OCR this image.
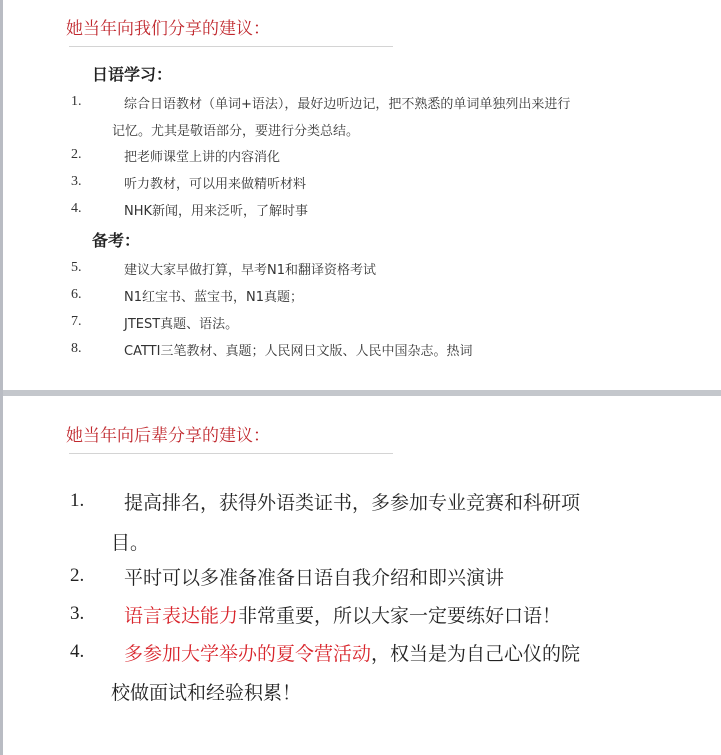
她当年向我们分享的建议：
日语学习：
1.	综合日语教材（单词+语法），最好边听边记，把不熟悉的单词单独列出来进行
记忆。尤其是敬语部分，要进行分类总结。
2.	把老师课堂上讲的内容消化
3.	听力教材，可以用来做精听材料
4.	NHK新闻，用来泛听，了解时事
备考：
5.	建议大家早做打算，早考N1和翻译资格考试
6.	N1红宝书、蓝宝书，N1真题；
7.	JTEST真题、语法。
8.	CATTI三笔教材、真题；人民网日文版、人民中国杂志。热词
她当年向后辈分享的建议：
1. 提高排名，获得外语类证书，多参加专业竞赛和科研项
目。
2. 平时可以多准备准备日语自我介绍和即兴演讲
3. 语言表达能力非常重要，所以大家一定要练好口语！
4. 多参加大学举办的夏令营活动，权当是为自己心仪的院
校做面试和经验积累！
